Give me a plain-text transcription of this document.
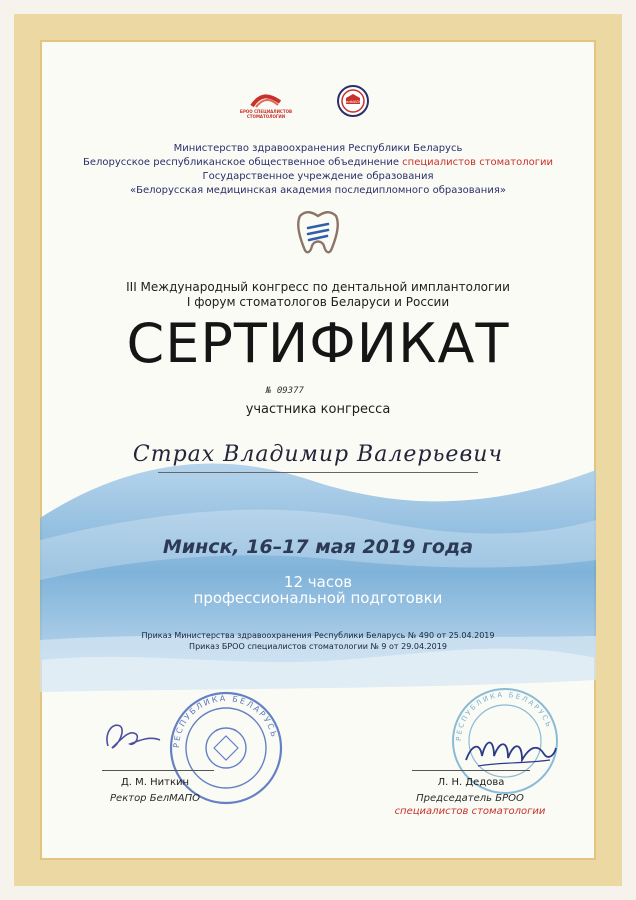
БРОО СПЕЦИАЛИСТОВ СТОМАТОЛОГИИ
БелМАПО
Министерство здравоохранения Республики Беларусь
Белорусское республиканское общественное объединение специалистов стоматологии
Государственное учреждение образования
«Белорусская медицинская академия последипломного образования»
III Международный конгресс по дентальной имплантологии
I форум стоматологов Беларуси и России
СЕРТИФИКАТ
№ 09377
участника конгресса
Страх Владимир Валерьевич
Минск, 16–17 мая 2019 года
12 часов
профессиональной подготовки
Приказ Министерства здравоохранения Республики Беларусь № 490 от 25.04.2019
Приказ БРОО специалистов стоматологии № 9 от 29.04.2019
РЕСПУБЛИКА БЕЛАРУСЬ
Д. М. Ниткин
Ректор БелМАПО
РЕСПУБЛИКА БЕЛАРУСЬ
Л. Н. Дедова
Председатель БРОО
специалистов стоматологии
